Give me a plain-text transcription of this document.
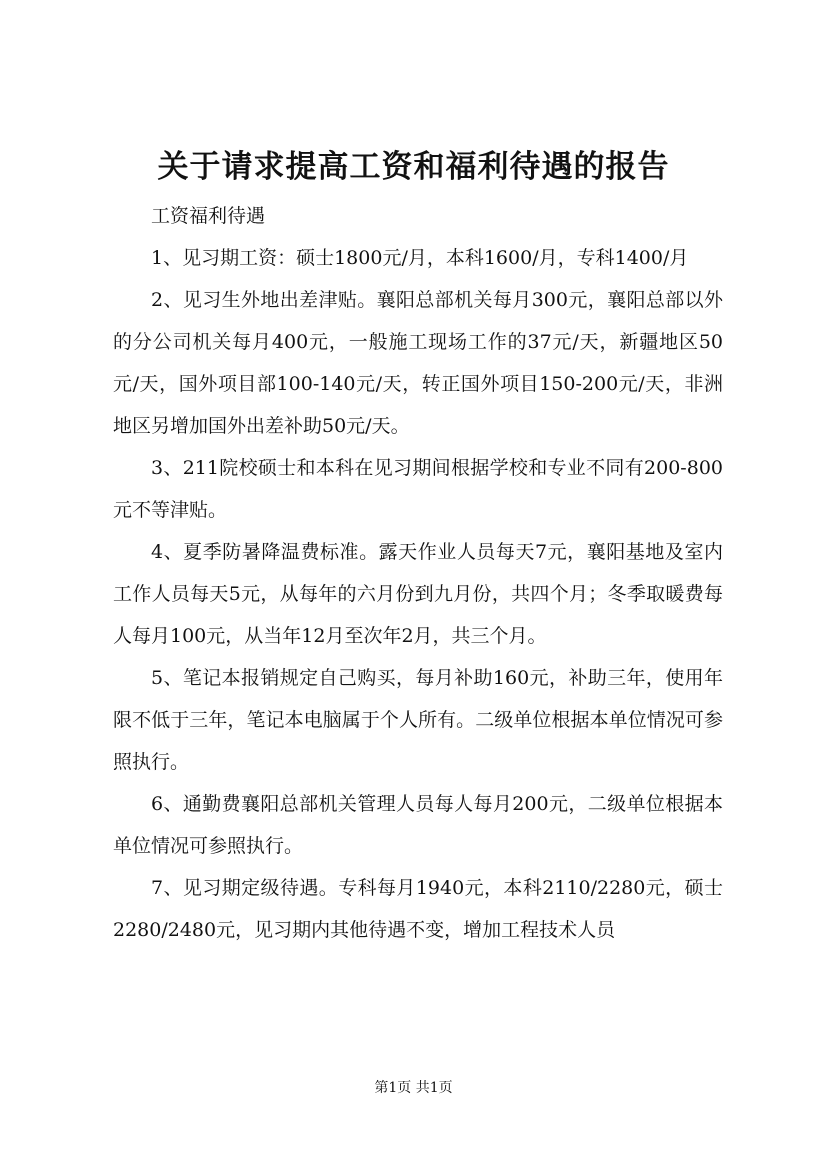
关于请求提高工资和福利待遇的报告

工资福利待遇

1、见习期工资：硕士1800元/月，本科1600/月，专科1400/月

2、见习生外地出差津贴。襄阳总部机关每月300元，襄阳总部以外的分公司机关每月400元，一般施工现场工作的37元/天，新疆地区50元/天，国外项目部100-140元/天，转正国外项目150-200元/天，非洲地区另增加国外出差补助50元/天。

3、211院校硕士和本科在见习期间根据学校和专业不同有200-800元不等津贴。

4、夏季防暑降温费标准。露天作业人员每天7元，襄阳基地及室内工作人员每天5元，从每年的六月份到九月份，共四个月；冬季取暖费每人每月100元，从当年12月至次年2月，共三个月。

5、笔记本报销规定自己购买，每月补助160元，补助三年，使用年限不低于三年，笔记本电脑属于个人所有。二级单位根据本单位情况可参照执行。

6、通勤费襄阳总部机关管理人员每人每月200元，二级单位根据本单位情况可参照执行。

7、见习期定级待遇。专科每月1940元，本科2110/2280元，硕士2280/2480元，见习期内其他待遇不变，增加工程技术人员

第1页 共1页
